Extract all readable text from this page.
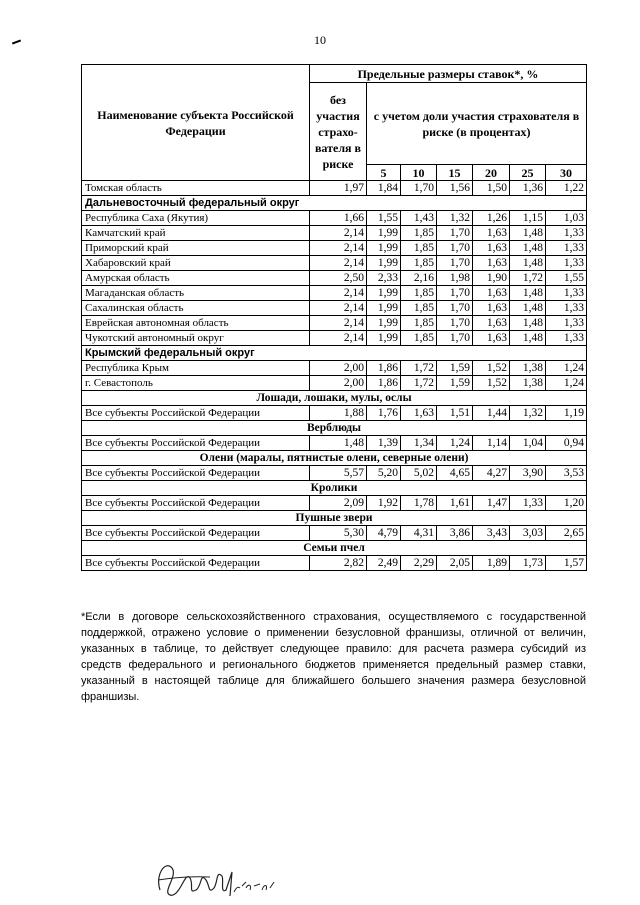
10
Наименование субъекта Российской Федерации	Предельные размеры ставок*, %						
	без участия страхо-вателя в риске	с учетом доли участия страхователя в риске (в процентах)					
		5	10	15	20	25	30
Томская область	1,97	1,84	1,70	1,56	1,50	1,36	1,22
Дальневосточный федеральный округ							
Республика Саха (Якутия)	1,66	1,55	1,43	1,32	1,26	1,15	1,03
Камчатский край	2,14	1,99	1,85	1,70	1,63	1,48	1,33
Приморский край	2,14	1,99	1,85	1,70	1,63	1,48	1,33
Хабаровский край	2,14	1,99	1,85	1,70	1,63	1,48	1,33
Амурская область	2,50	2,33	2,16	1,98	1,90	1,72	1,55
Магаданская область	2,14	1,99	1,85	1,70	1,63	1,48	1,33
Сахалинская область	2,14	1,99	1,85	1,70	1,63	1,48	1,33
Еврейская автономная область	2,14	1,99	1,85	1,70	1,63	1,48	1,33
Чукотский автономный округ	2,14	1,99	1,85	1,70	1,63	1,48	1,33
Крымский федеральный округ							
Республика Крым	2,00	1,86	1,72	1,59	1,52	1,38	1,24
г. Севастополь	2,00	1,86	1,72	1,59	1,52	1,38	1,24
Лошади, лошаки, мулы, ослы							
Все субъекты Российской Федерации	1,88	1,76	1,63	1,51	1,44	1,32	1,19
Верблюды							
Все субъекты Российской Федерации	1,48	1,39	1,34	1,24	1,14	1,04	0,94
Олени (маралы, пятнистые олени, северные олени)							
Все субъекты Российской Федерации	5,57	5,20	5,02	4,65	4,27	3,90	3,53
Кролики							
Все субъекты Российской Федерации	2,09	1,92	1,78	1,61	1,47	1,33	1,20
Пушные звери							
Все субъекты Российской Федерации	5,30	4,79	4,31	3,86	3,43	3,03	2,65
Семьи пчел							
Все субъекты Российской Федерации	2,82	2,49	2,29	2,05	1,89	1,73	1,57
*Если в договоре сельскохозяйственного страхования, осуществляемого с государственной поддержкой, отражено условие о применении безусловной франшизы, отличной от величин, указанных в таблице, то действует следующее правило: для расчета размера субсидий из средств федерального и регионального бюджетов применяется предельный размер ставки, указанный в настоящей таблице для ближайшего большего значения размера безусловной франшизы.
